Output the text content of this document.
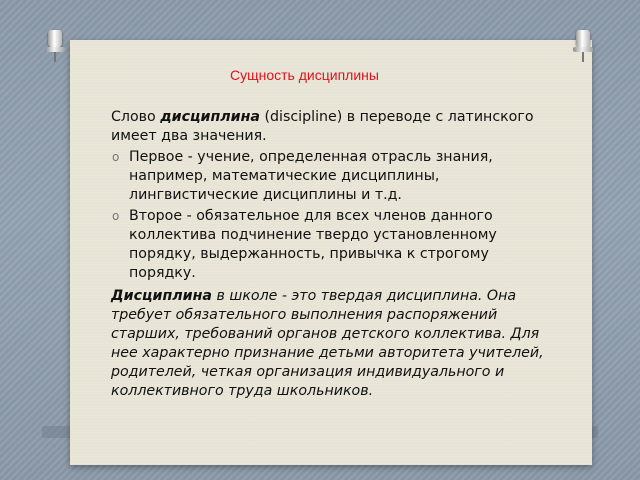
Сущность дисциплины

Слово дисциплина (discipline) в переводе с латинского имеет два значения.

o Первое - учение, определенная отрасль знания, например, математические дисциплины, лингвистические дисциплины и т.д.
o Второе - обязательное для всех членов данного коллектива подчинение твердо установленному порядку, выдержанность, привычка к строгому порядку.

Дисциплина в школе - это твердая дисциплина. Она требует обязательного выполнения распоряжений старших, требований органов детского коллектива. Для нее характерно признание детьми авторитета учителей, родителей, четкая организация индивидуального и коллективного труда школьников.
